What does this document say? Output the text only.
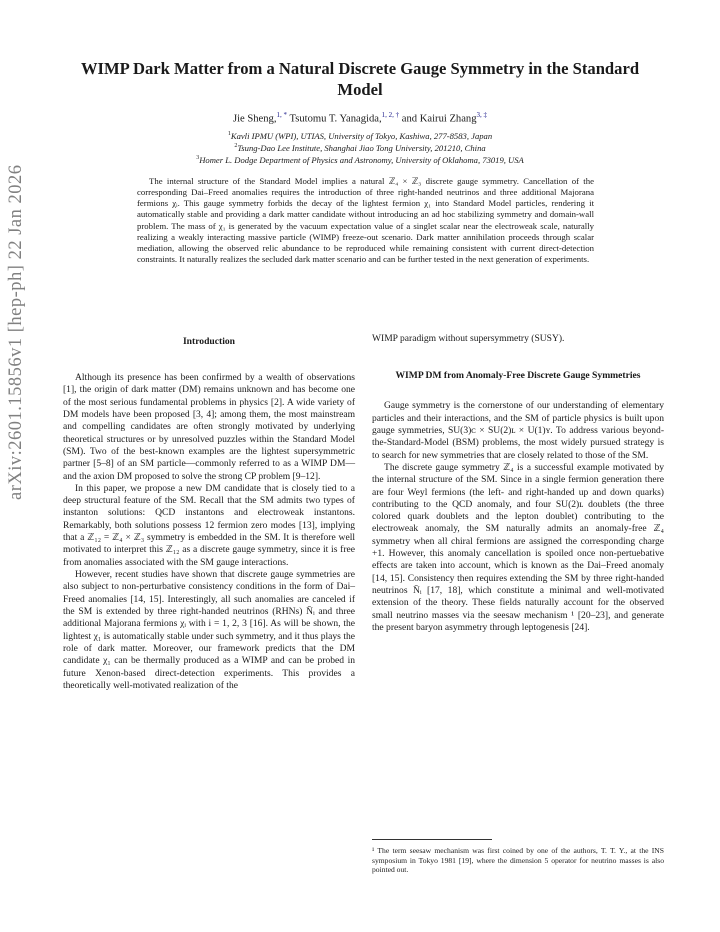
arXiv:2601.15856v1 [hep-ph] 22 Jan 2026
WIMP Dark Matter from a Natural Discrete Gauge Symmetry in the Standard Model
Jie Sheng,$^{1, *}$ Tsutomu T. Yanagida,$^{1, 2, \dagger}$ and Kairui Zhang$^{3, \ddagger}$
$^1$Kavli IPMU (WPI), UTIAS, University of Tokyo, Kashiwa, 277-8583, Japan
$^2$Tsung-Dao Lee Institute, Shanghai Jiao Tong University, 201210, China
$^3$Homer L. Dodge Department of Physics and Astronomy, University of Oklahoma, 73019, USA
The internal structure of the Standard Model implies a natural ℤ₄ × ℤ₃ discrete gauge symmetry. Cancellation of the corresponding Dai–Freed anomalies requires the introduction of three right-handed neutrinos and three additional Majorana fermions χᵢ. This gauge symmetry forbids the decay of the lightest fermion χ₁ into Standard Model particles, rendering it automatically stable and providing a dark matter candidate without introducing an ad hoc stabilizing symmetry and domain-wall problem. The mass of χ₁ is generated by the vacuum expectation value of a singlet scalar near the electroweak scale, naturally realizing a weakly interacting massive particle (WIMP) freeze-out scenario. Dark matter annihilation proceeds through scalar mediation, allowing the observed relic abundance to be reproduced while remaining consistent with current direct-detection constraints. It naturally realizes the secluded dark matter scenario and can be further tested in the next generation of experiments.
Introduction

Although its presence has been confirmed by a wealth of observations [1], the origin of dark matter (DM) remains unknown and has become one of the most serious fundamental problems in physics [2]. A wide variety of DM models have been proposed [3, 4]; among them, the most mainstream and compelling candidates are often strongly motivated by underlying theoretical structures or by unresolved puzzles within the Standard Model (SM). Two of the best-known examples are the lightest supersymmetric partner [5–8] of an SM particle—commonly referred to as a WIMP DM—and the axion DM proposed to solve the strong CP problem [9–12].

In this paper, we propose a new DM candidate that is closely tied to a deep structural feature of the SM. Recall that the SM admits two types of instanton solutions: QCD instantons and electroweak instantons. Remarkably, both solutions possess 12 fermion zero modes [13], implying that a ℤ₁₂ = ℤ₄ × ℤ₃ symmetry is embedded in the SM. It is therefore well motivated to interpret this ℤ₁₂ as a discrete gauge symmetry, since it is free from anomalies associated with the SM gauge interactions.

However, recent studies have shown that discrete gauge symmetries are also subject to non-perturbative consistency conditions in the form of Dai–Freed anomalies [14, 15]. Interestingly, all such anomalies are canceled if the SM is extended by three right-handed neutrinos (RHNs) N̄ᵢ and three additional Majorana fermions χᵢ with i = 1, 2, 3 [16]. As will be shown, the lightest χ₁ is automatically stable under such symmetry, and it thus plays the role of dark matter. Moreover, our framework predicts that the DM candidate χ₁ can be thermally produced as a WIMP and can be probed in future Xenon-based direct-detection experiments. This provides a theoretically well-motivated realization of the

WIMP paradigm without supersymmetry (SUSY).

WIMP DM from Anomaly-Free Discrete Gauge Symmetries

Gauge symmetry is the cornerstone of our understanding of elementary particles and their interactions, and the SM of particle physics is built upon gauge symmetries, SU(3)ᴄ × SU(2)ʟ × U(1)ʏ. To address various beyond-the-Standard-Model (BSM) problems, the most widely pursued strategy is to search for new symmetries that are closely related to those of the SM.

The discrete gauge symmetry ℤ₄ is a successful example motivated by the internal structure of the SM. Since in a single fermion generation there are four Weyl fermions (the left- and right-handed up and down quarks) contributing to the QCD anomaly, and four SU(2)ʟ doublets (the three colored quark doublets and the lepton doublet) contributing to the electroweak anomaly, the SM naturally admits an anomaly-free ℤ₄ symmetry when all chiral fermions are assigned the corresponding charge +1. However, this anomaly cancellation is spoiled once non-pertuebative effects are taken into account, which is known as the Dai–Freed anomaly [14, 15]. Consistency then requires extending the SM by three right-handed neutrinos N̄ᵢ [17, 18], which constitute a minimal and well-motivated extension of the theory. These fields naturally account for the observed small neutrino masses via the seesaw mechanism ¹ [20–23], and generate the present baryon asymmetry through leptogenesis [24].

¹ The term seesaw mechanism was first coined by one of the authors, T. T. Y., at the INS symposium in Tokyo 1981 [19], where the dimension 5 operator for neutrino masses is also pointed out.
